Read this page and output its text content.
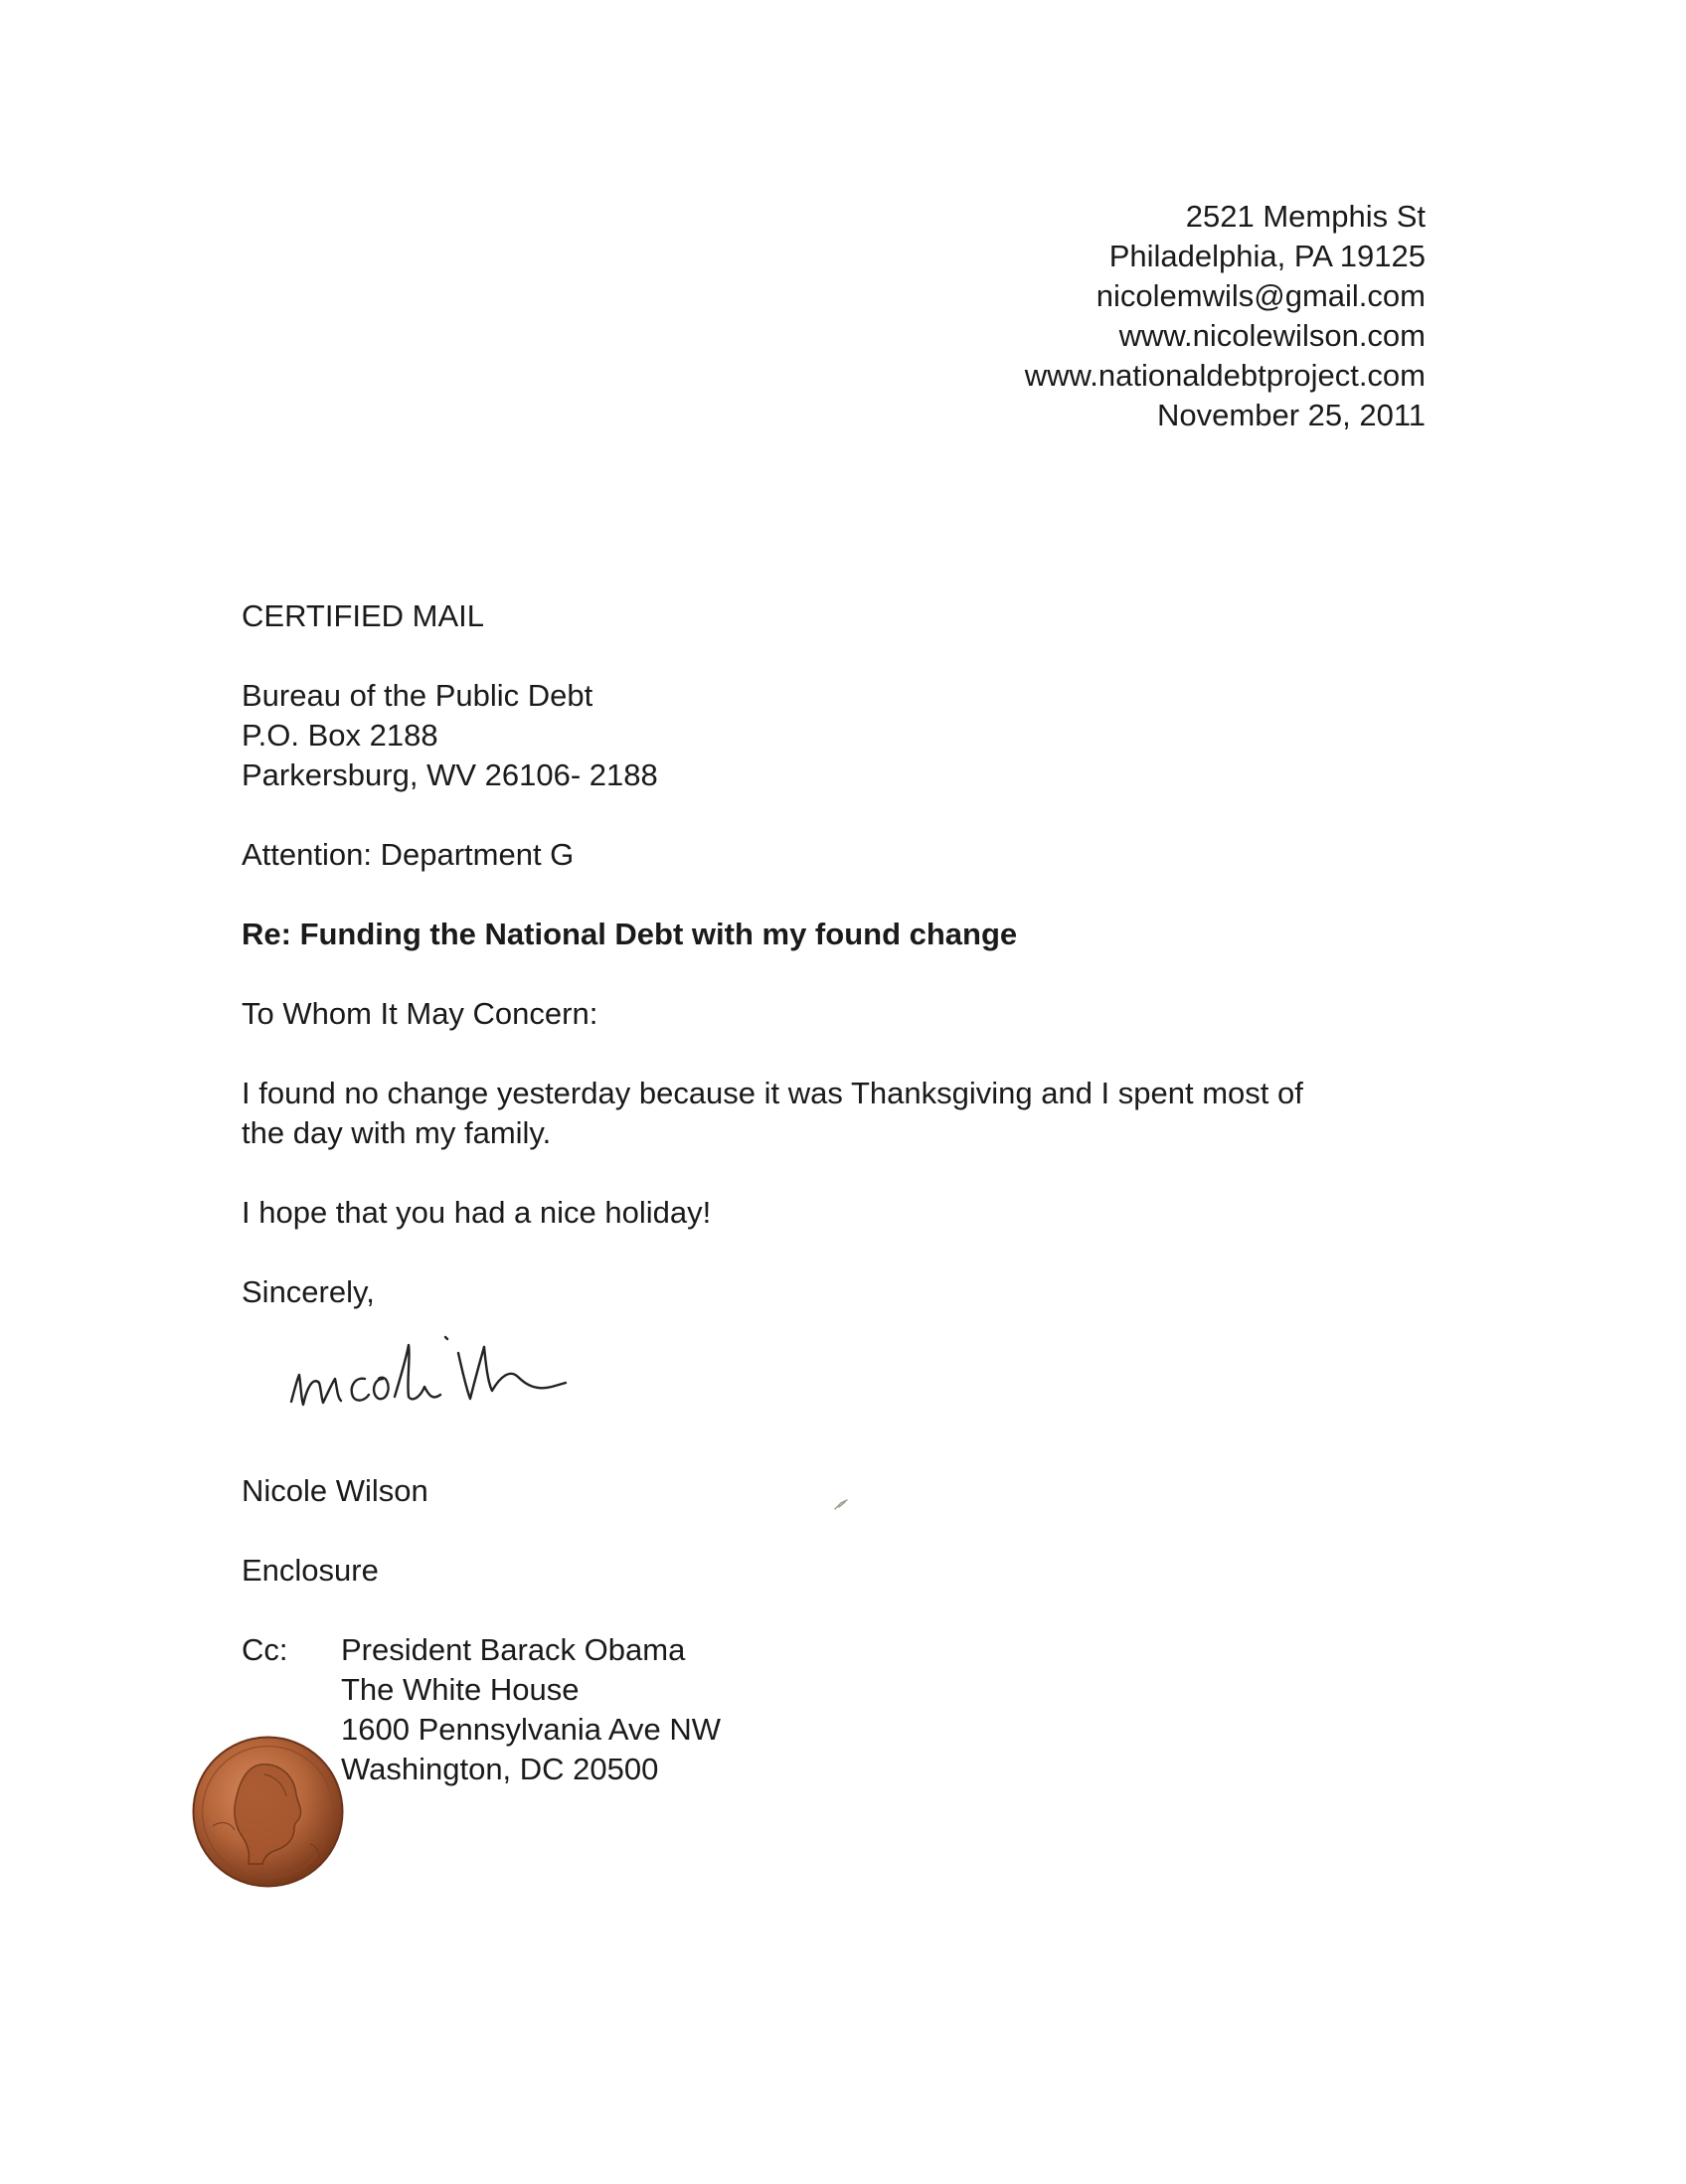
2521 Memphis St
Philadelphia, PA 19125
nicolemwils@gmail.com
www.nicolewilson.com
www.nationaldebtproject.com
November 25, 2011
CERTIFIED MAIL
Bureau of the Public Debt
P.O. Box 2188
Parkersburg, WV 26106- 2188
Attention: Department G
Re: Funding the National Debt with my found change
To Whom It May Concern:
I found no change yesterday because it was Thanksgiving and I spent most of
the day with my family.
I hope that you had a nice holiday!
Sincerely,
Nicole Wilson
Enclosure
Cc: President Barack Obama
The White House
1600 Pennsylvania Ave NW
Washington, DC 20500
